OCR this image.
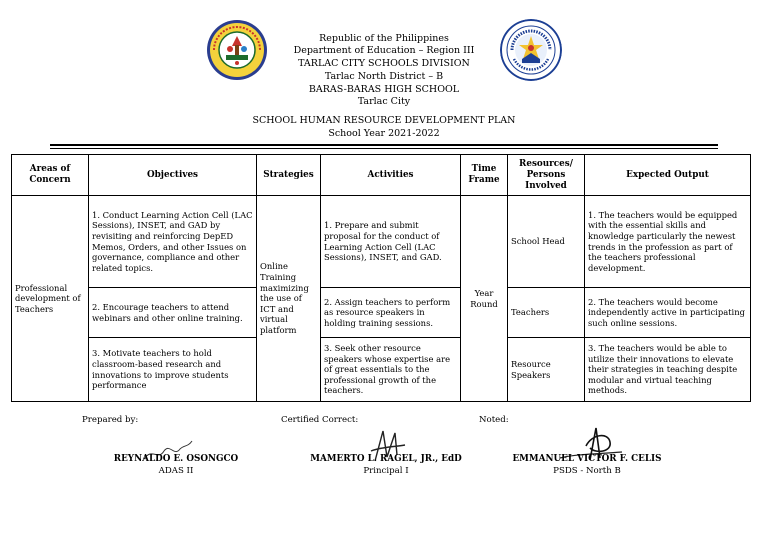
Republic of the Philippines
Department of Education – Region III
TARLAC CITY SCHOOLS DIVISION
Tarlac North District – B
BARAS-BARAS HIGH SCHOOL
Tarlac City
SCHOOL HUMAN RESOURCE DEVELOPMENT PLAN
School Year 2021-2022
Areas of Concern	Objectives	Strategies	Activities	Time Frame	Resources/ Persons Involved	Expected Output
Professional development of Teachers	1. Conduct Learning Action Cell (LAC Sessions), INSET, and GAD by revisiting and reinforcing DepED Memos, Orders, and other Issues on governance, compliance and other related topics.	Online Training maximizing the use of ICT and virtual platform	1. Prepare and submit proposal for the conduct of Learning Action Cell (LAC Sessions), INSET, and GAD.	Year Round	School Head	1. The teachers would be equipped with the essential skills and knowledge particularly the newest trends in the profession as part of the teachers professional development.
	2. Encourage teachers to attend webinars and other online training.		2. Assign teachers to perform as resource speakers in holding training sessions.		Teachers	2. The teachers would become independently active in participating such online sessions.
	3. Motivate teachers to hold classroom-based research and innovations to improve students performance		3. Seek other resource speakers whose expertise are of great essentials to the professional growth of the teachers.		Resource Speakers	3. The teachers would be able to utilize their innovations to elevate their strategies in teaching despite modular and virtual teaching methods.
Prepared by:	Certified Correct:	Noted:
REYNALDO E. OSONGCO
ADAS II
MAMERTO L. RAGEL, JR., EdD
Principal I
EMMANUEL VICTOR F. CELIS
PSDS - North B
